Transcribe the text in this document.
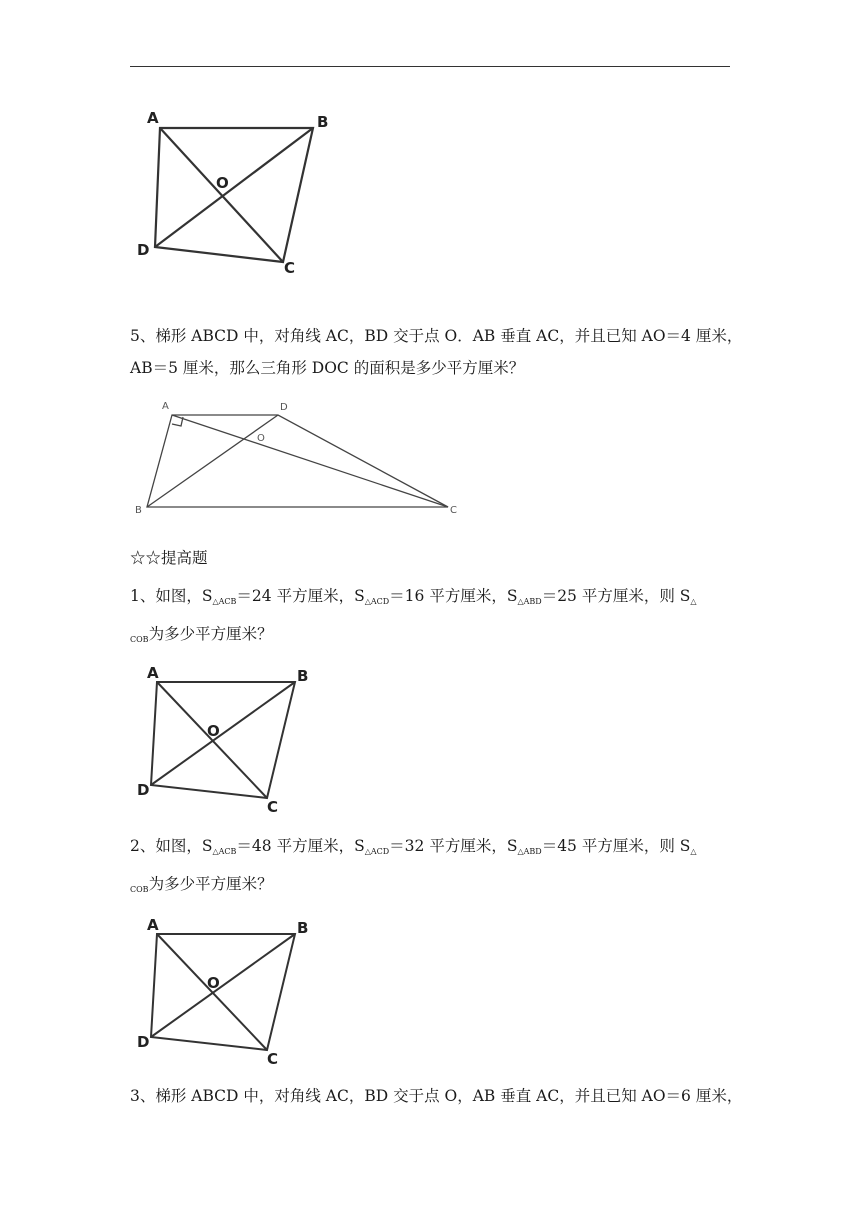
A	B
C
D
O
5、梯形 ABCD 中，对角线 AC，BD 交于点 O．AB 垂直 AC，并且已知 AO＝4 厘米，
AB＝5 厘米，那么三角形 DOC 的面积是多少平方厘米？
A	D
B	C
O
☆☆提高题
1、如图，$S_{\triangle ACB}=24$ 平方厘米，$S_{\triangle ACD}=16$ 平方厘米，$S_{\triangle ABD}=25$ 平方厘米，则 $S_\triangle$
$_{COB}$为多少平方厘米？
A	B
C
D
O
2、如图，$S_{\triangle ACB}=48$ 平方厘米，$S_{\triangle ACD}=32$ 平方厘米，$S_{\triangle ABD}=45$ 平方厘米，则 $S_\triangle$
$_{COB}$为多少平方厘米？
A	B
C
D
O
3、梯形 ABCD 中，对角线 AC，BD 交于点 O，AB 垂直 AC，并且已知 AO＝6 厘米，
